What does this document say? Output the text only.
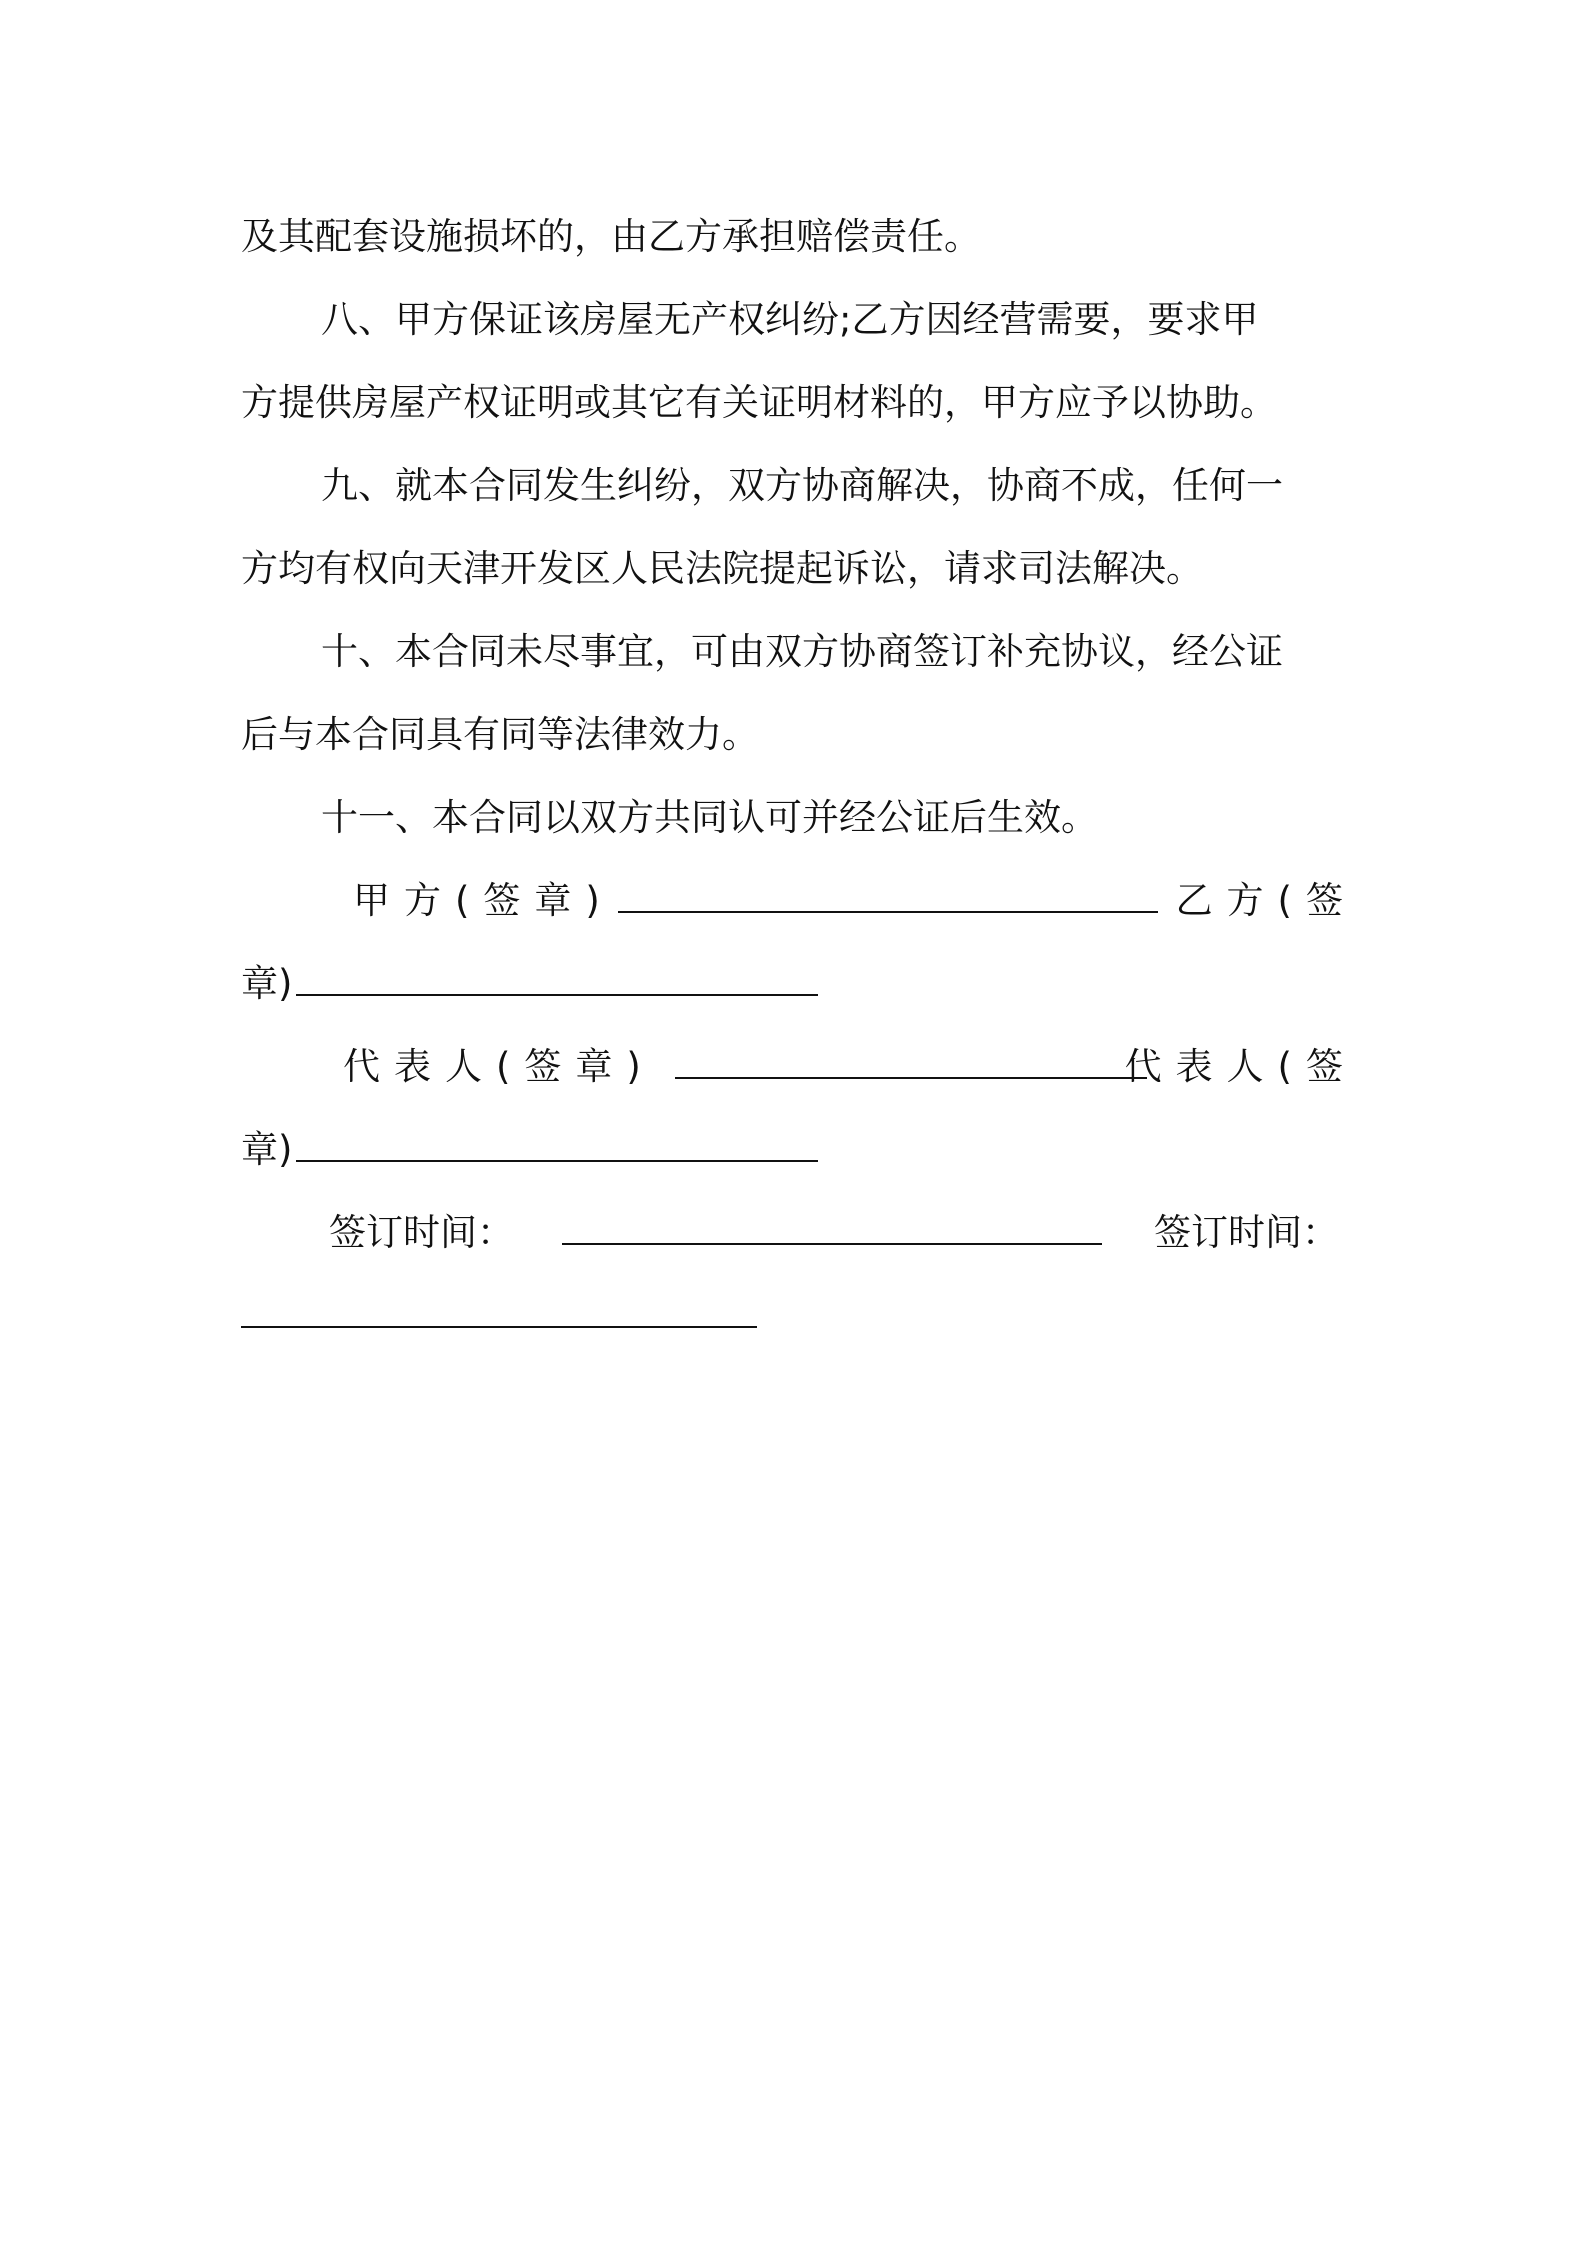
及其配套设施损坏的，由乙方承担赔偿责任。
八、甲方保证该房屋无产权纠纷;乙方因经营需要，要求甲
方提供房屋产权证明或其它有关证明材料的，甲方应予以协助。
九、就本合同发生纠纷，双方协商解决，协商不成，任何一
方均有权向天津开发区人民法院提起诉讼，请求司法解决。
十、本合同未尽事宜，可由双方协商签订补充协议，经公证
后与本合同具有同等法律效力。
十一、本合同以双方共同认可并经公证后生效。
甲方(签章)	乙方(签
章)
代表人(签章)	代表人(签
章)
签订时间：	签订时间：
